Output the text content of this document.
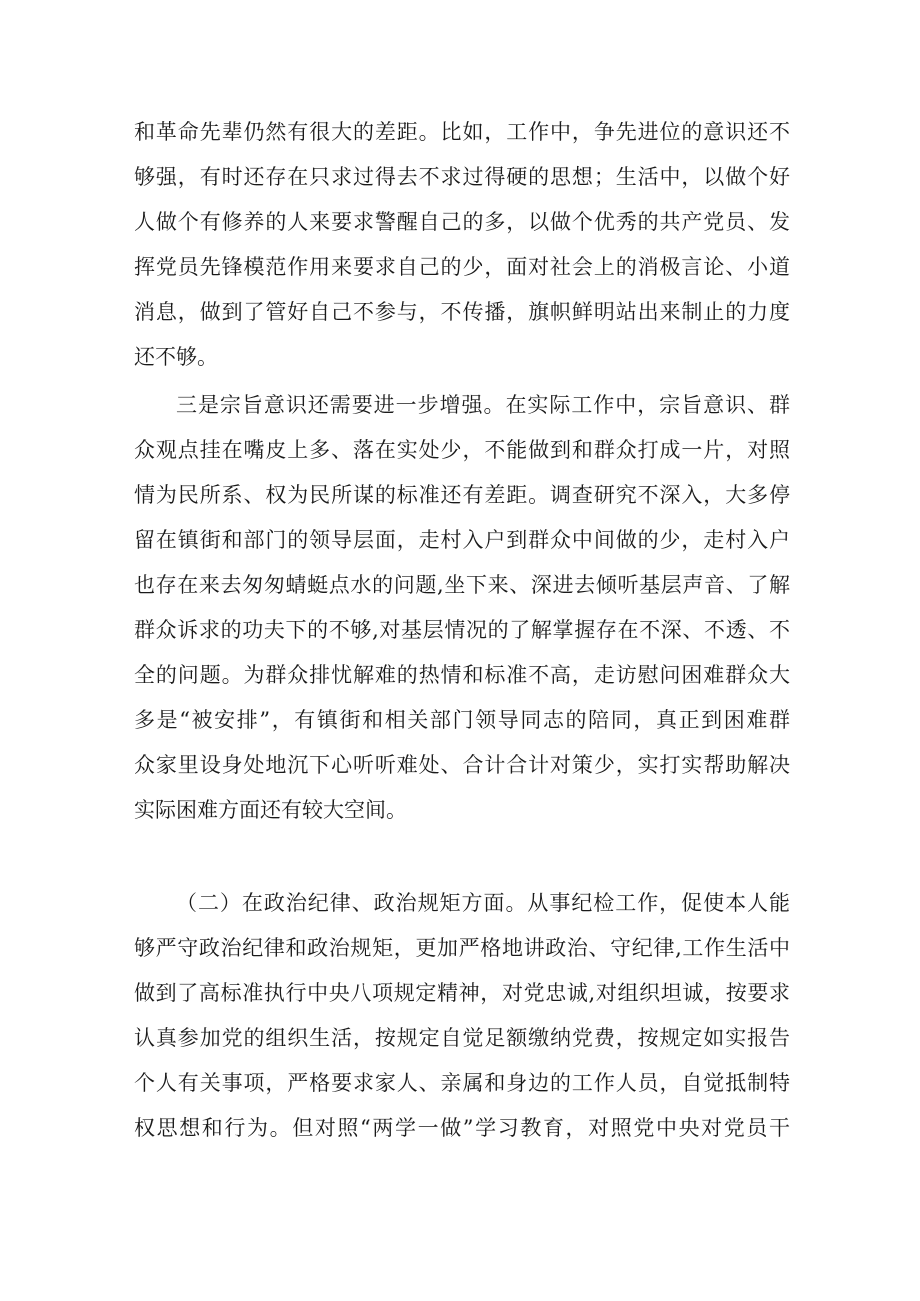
和革命先辈仍然有很大的差距。比如，工作中，争先进位的意识还不
够强，有时还存在只求过得去不求过得硬的思想；生活中，以做个好
人做个有修养的人来要求警醒自己的多，以做个优秀的共产党员、发
挥党员先锋模范作用来要求自己的少，面对社会上的消极言论、小道
消息，做到了管好自己不参与，不传播，旗帜鲜明站出来制止的力度
还不够。
三是宗旨意识还需要进一步增强。在实际工作中，宗旨意识、群
众观点挂在嘴皮上多、落在实处少，不能做到和群众打成一片，对照
情为民所系、权为民所谋的标准还有差距。调查研究不深入，大多停
留在镇街和部门的领导层面，走村入户到群众中间做的少，走村入户
也存在来去匆匆蜻蜓点水的问题,坐下来、深进去倾听基层声音、了解
群众诉求的功夫下的不够,对基层情况的了解掌握存在不深、不透、不
全的问题。为群众排忧解难的热情和标准不高，走访慰问困难群众大
多是“被安排”，有镇街和相关部门领导同志的陪同，真正到困难群
众家里设身处地沉下心听听难处、合计合计对策少，实打实帮助解决
实际困难方面还有较大空间。
（二）在政治纪律、政治规矩方面。从事纪检工作，促使本人能
够严守政治纪律和政治规矩，更加严格地讲政治、守纪律,工作生活中
做到了高标准执行中央八项规定精神，对党忠诚,对组织坦诚，按要求
认真参加党的组织生活，按规定自觉足额缴纳党费，按规定如实报告
个人有关事项，严格要求家人、亲属和身边的工作人员，自觉抵制特
权思想和行为。但对照“两学一做”学习教育，对照党中央对党员干
